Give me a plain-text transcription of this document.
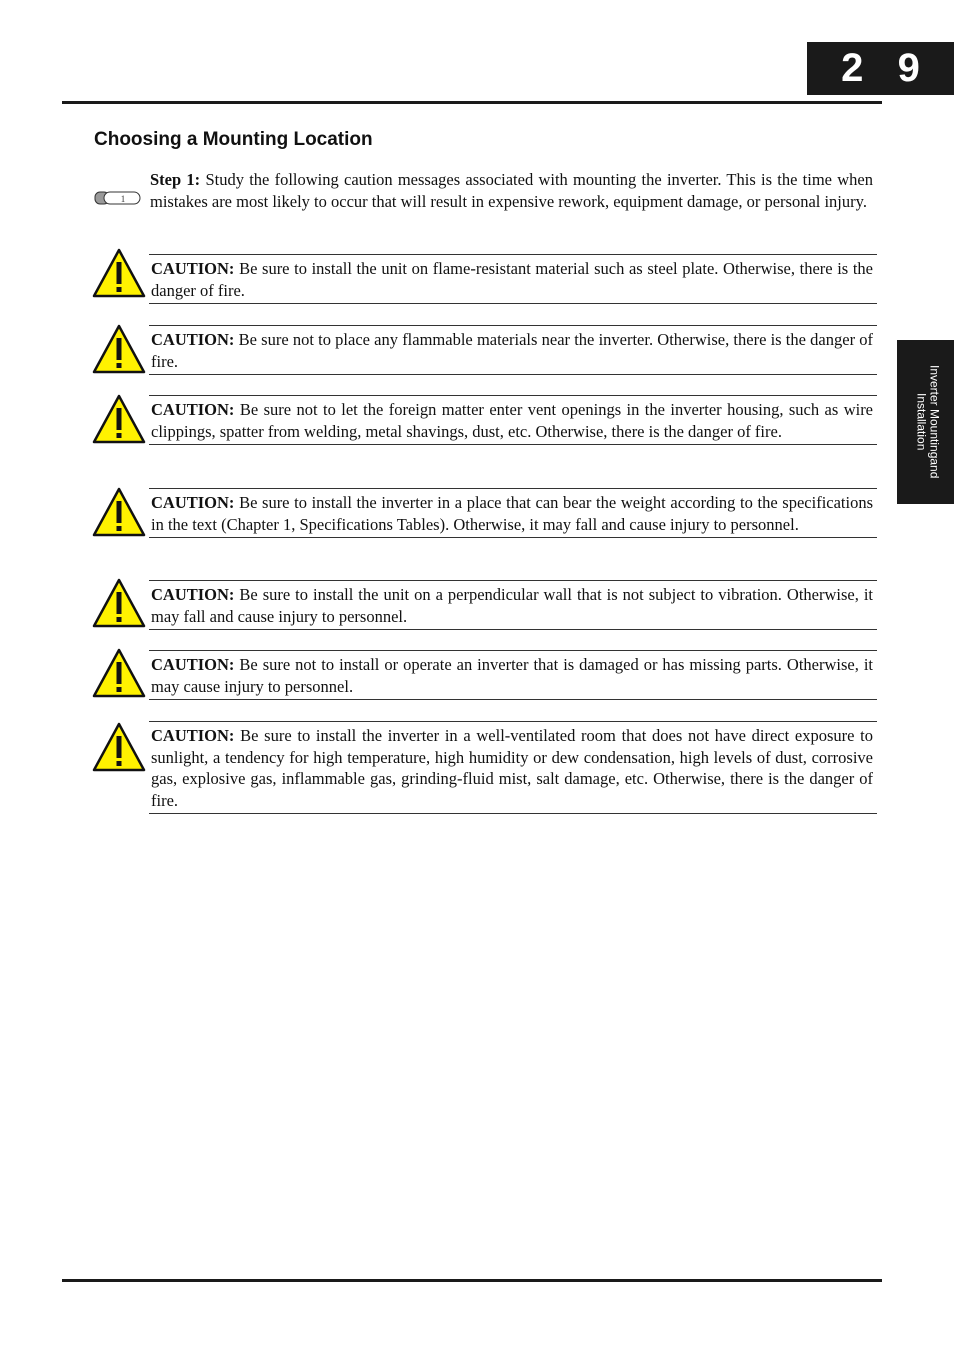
2 9
Inverter Mountingand Installation
Choosing a Mounting Location
1

Step 1: Study the following caution messages associated with mounting the inverter. This is the time when mistakes are most likely to occur that will result in expensive rework, equipment damage, or personal injury.

CAUTION: Be sure to install the unit on flame-resistant material such as steel plate. Otherwise, there is the danger of fire.

CAUTION: Be sure not to place any flammable materials near the inverter. Otherwise, there is the danger of fire.

CAUTION: Be sure not to let the foreign matter enter vent openings in the inverter housing, such as wire clippings, spatter from welding, metal shavings, dust, etc. Otherwise, there is the danger of fire.

CAUTION: Be sure to install the inverter in a place that can bear the weight according to the specifications in the text (Chapter 1, Specifications Tables). Otherwise, it may fall and cause injury to personnel.

CAUTION: Be sure to install the unit on a perpendicular wall that is not subject to vibration. Otherwise, it may fall and cause injury to personnel.

CAUTION: Be sure not to install or operate an inverter that is damaged or has missing parts. Otherwise, it may cause injury to personnel.

CAUTION: Be sure to install the inverter in a well-ventilated room that does not have direct exposure to sunlight, a tendency for high temperature, high humidity or dew condensation, high levels of dust, corrosive gas, explosive gas, inflammable gas, grinding-fluid mist, salt damage, etc. Otherwise, there is the danger of fire.
